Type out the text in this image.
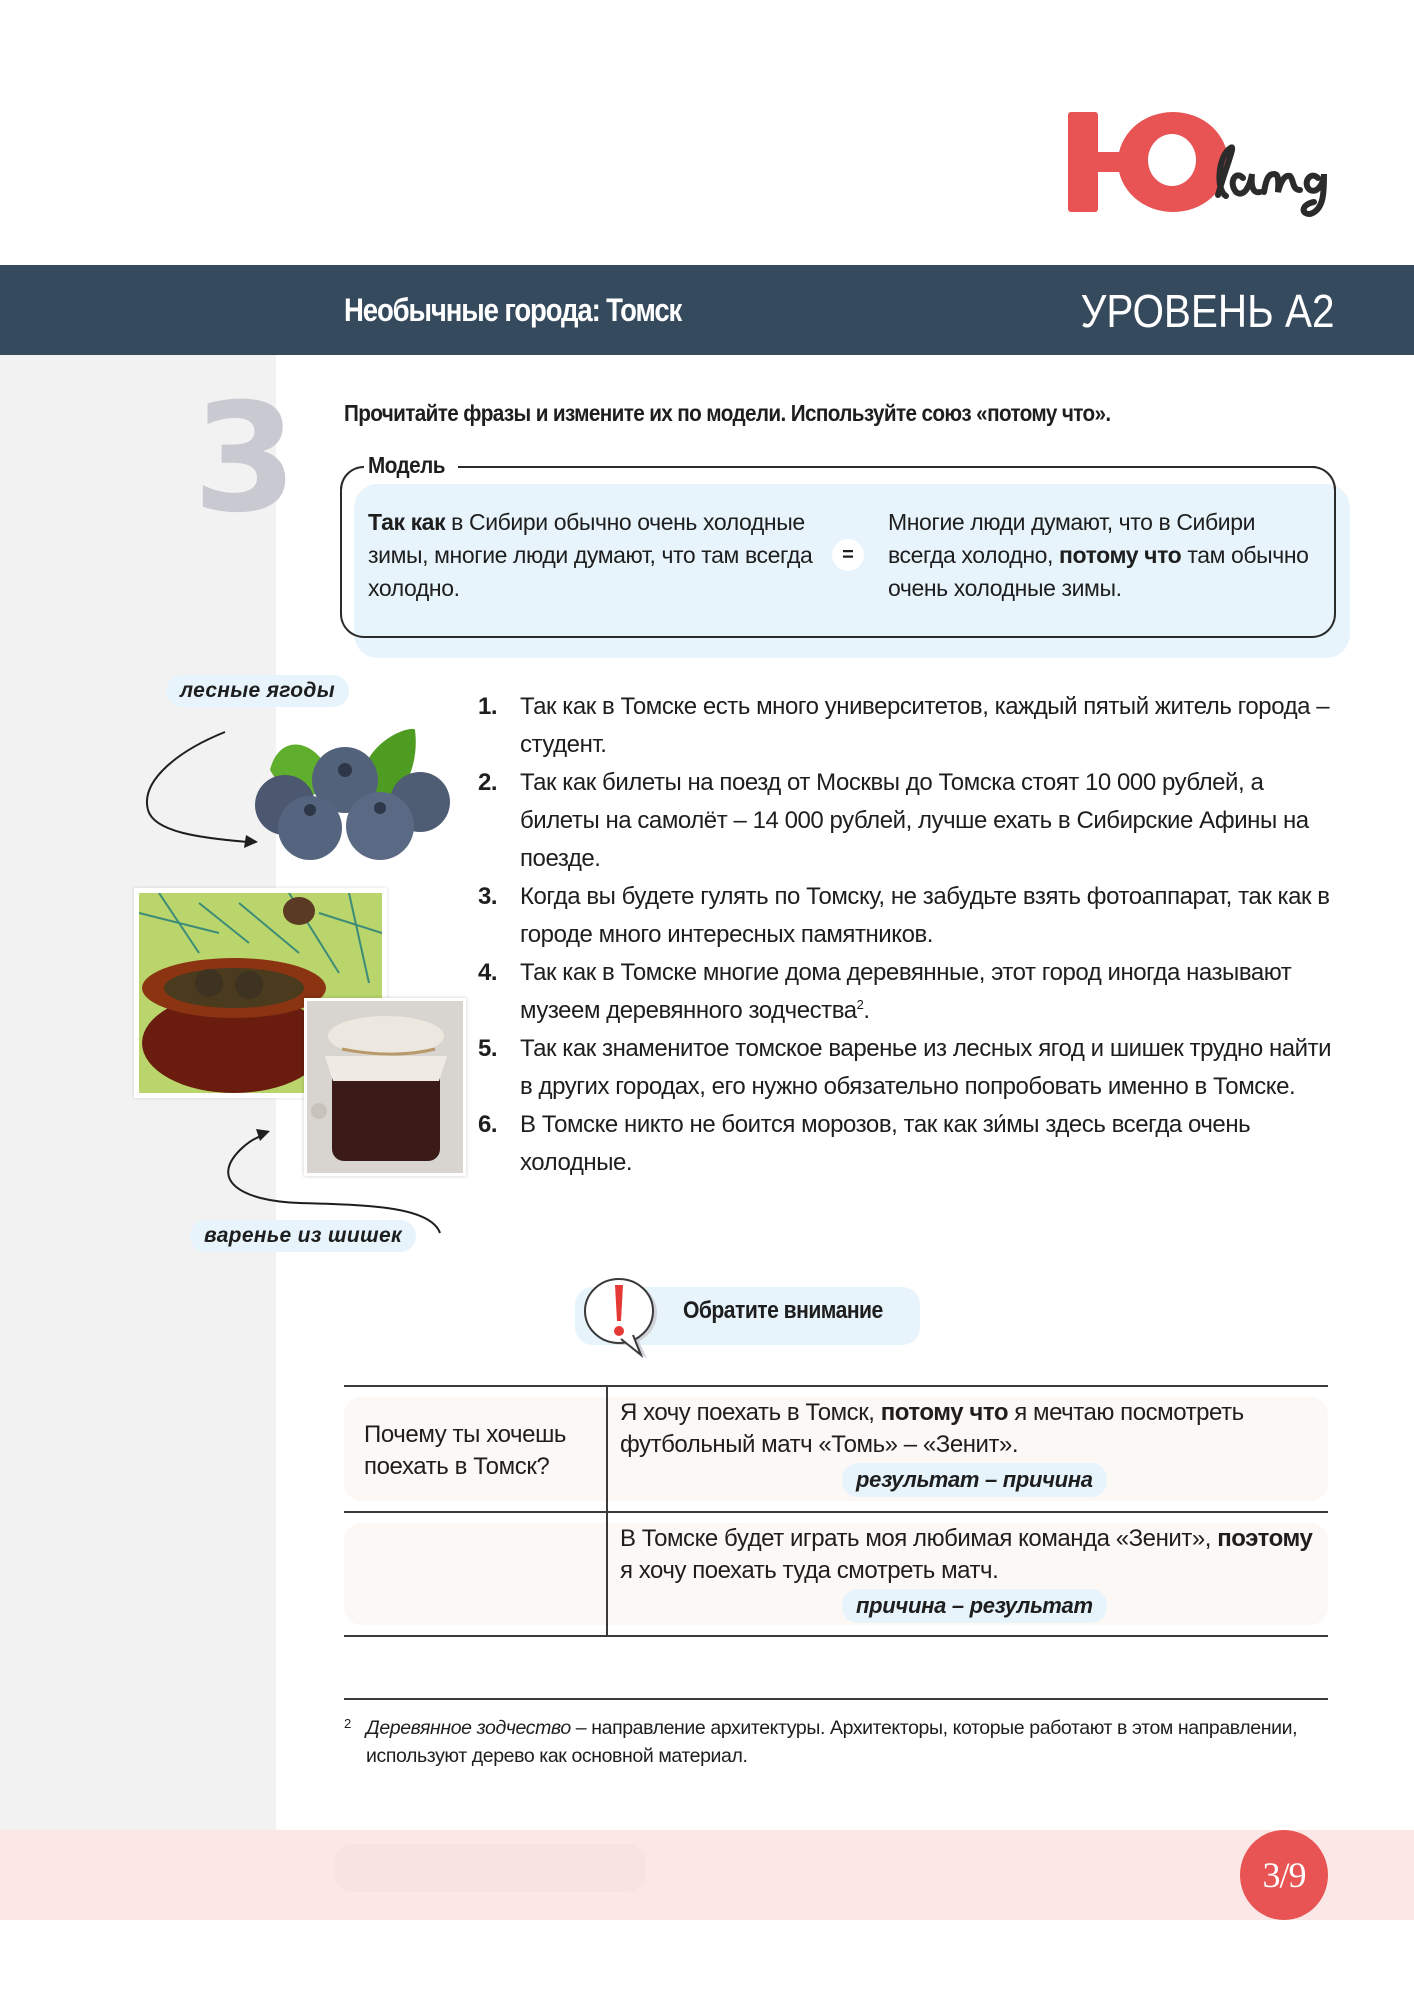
Необычные города: Томск	УРОВЕНЬ А2
3 Прочитайте фразы и измените их по модели. Используйте союз «потому что».
Модель
Так как в Сибири обычно очень холодные зимы, многие люди думают, что там всегда холодно.
=
Многие люди думают, что в Сибири всегда холодно, потому что там обычно очень холодные зимы.
лесные ягоды
варенье из шишек
1. Так как в Томске есть много университетов, каждый пятый житель города – студент.
2. Так как билеты на поезд от Москвы до Томска стоят 10 000 рублей, а билеты на самолёт – 14 000 рублей, лучше ехать в Сибирские Афины на поезде.
3. Когда вы будете гулять по Томску, не забудьте взять фотоаппарат, так как в городе много интересных памятников.
4. Так как в Томске многие дома деревянные, этот город иногда называют музеем деревянного зодчества$^2$.
5. Так как знаменитое томское варенье из лесных ягод и шишек трудно найти в других городах, его нужно обязательно попробовать именно в Томске.
6. В Томске никто не боится морозов, так как зи́мы здесь всегда очень холодные.
Обратите внимание
Почему ты хочешь поехать в Томск?
Я хочу поехать в Томск, потому что я мечтаю посмотреть футбольный матч «Томь» – «Зенит».
результат – причина
В Томске будет играть моя любимая команда «Зенит», поэтому я хочу поехать туда смотреть матч.
причина – результат
2 Деревянное зодчество – направление архитектуры. Архитекторы, которые работают в этом направлении, используют дерево как основной материал.
3/9
